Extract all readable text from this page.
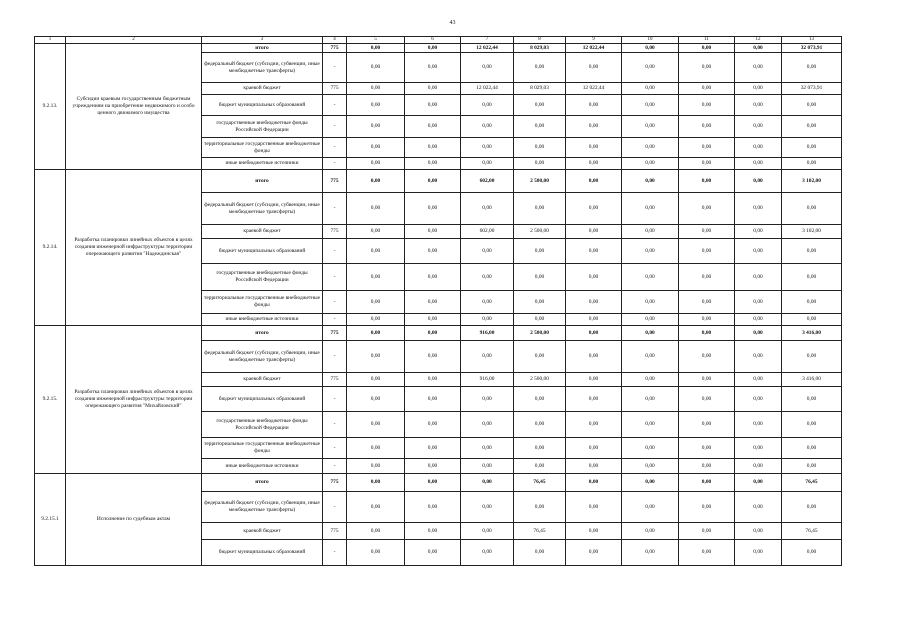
43
1	2	3	4	5	6	7	8	9	10	11	12	13
9.2.13.	Субсидии краевым государственным бюджетным учреждениям на приобретение недвижимого и особо ценного движимого имущества	итого	775	0,00	0,00	12 022,44	8 029,03	12 022,44	0,00	0,00	0,00	32 073,91
		федеральный бюджет (субсидии, субвенции, иные межбюджетные трансферты)	-	0,00	0,00	0,00	0,00	0,00	0,00	0,00	0,00	0,00
		краевой бюджет	775	0,00	0,00	12 022,44	8 029,03	12 022,44	0,00	0,00	0,00	32 073,91
		бюджет муниципальных образований	-	0,00	0,00	0,00	0,00	0,00	0,00	0,00	0,00	0,00
		государственные внебюджетные фонды Российской Федерации	-	0,00	0,00	0,00	0,00	0,00	0,00	0,00	0,00	0,00
		территориальные государственные внебюджетные фонды	-	0,00	0,00	0,00	0,00	0,00	0,00	0,00	0,00	0,00
		иные внебюджетные источники	-	0,00	0,00	0,00	0,00	0,00	0,00	0,00	0,00	0,00
9.2.14.	Разработка планировки линейных объектов в целях создания инженерной инфраструктуры территории опережающего развития "Надеждинская"	итого	775	0,00	0,00	602,00	2 500,00	0,00	0,00	0,00	0,00	3 102,00
		федеральный бюджет (субсидии, субвенции, иные межбюджетные трансферты)	-	0,00	0,00	0,00	0,00	0,00	0,00	0,00	0,00	0,00
		краевой бюджет	775	0,00	0,00	602,00	2 500,00	0,00	0,00	0,00	0,00	3 102,00
		бюджет муниципальных образований	-	0,00	0,00	0,00	0,00	0,00	0,00	0,00	0,00	0,00
		государственные внебюджетные фонды Российской Федерации	-	0,00	0,00	0,00	0,00	0,00	0,00	0,00	0,00	0,00
		территориальные государственные внебюджетные фонды	-	0,00	0,00	0,00	0,00	0,00	0,00	0,00	0,00	0,00
		иные внебюджетные источники	-	0,00	0,00	0,00	0,00	0,00	0,00	0,00	0,00	0,00
9.2.15.	Разработка планировки линейных объектов в целях создания инженерной инфраструктуры территории опережающего развития "Михайловский"	итого	775	0,00	0,00	916,00	2 500,00	0,00	0,00	0,00	0,00	3 416,00
		федеральный бюджет (субсидии, субвенции, иные межбюджетные трансферты)	-	0,00	0,00	0,00	0,00	0,00	0,00	0,00	0,00	0,00
		краевой бюджет	775	0,00	0,00	916,00	2 500,00	0,00	0,00	0,00	0,00	3 416,00
		бюджет муниципальных образований	-	0,00	0,00	0,00	0,00	0,00	0,00	0,00	0,00	0,00
		государственные внебюджетные фонды Российской Федерации	-	0,00	0,00	0,00	0,00	0,00	0,00	0,00	0,00	0,00
		территориальные государственные внебюджетные фонды	-	0,00	0,00	0,00	0,00	0,00	0,00	0,00	0,00	0,00
		иные внебюджетные источники	-	0,00	0,00	0,00	0,00	0,00	0,00	0,00	0,00	0,00
9.2.15.1	Исполнение по судебным актам	итого	775	0,00	0,00	0,00	76,45	0,00	0,00	0,00	0,00	76,45
		федеральный бюджет (субсидии, субвенции, иные межбюджетные трансферты)	-	0,00	0,00	0,00	0,00	0,00	0,00	0,00	0,00	0,00
		краевой бюджет	775	0,00	0,00	0,00	76,45	0,00	0,00	0,00	0,00	76,45
		бюджет муниципальных образований	-	0,00	0,00	0,00	0,00	0,00	0,00	0,00	0,00	0,00
